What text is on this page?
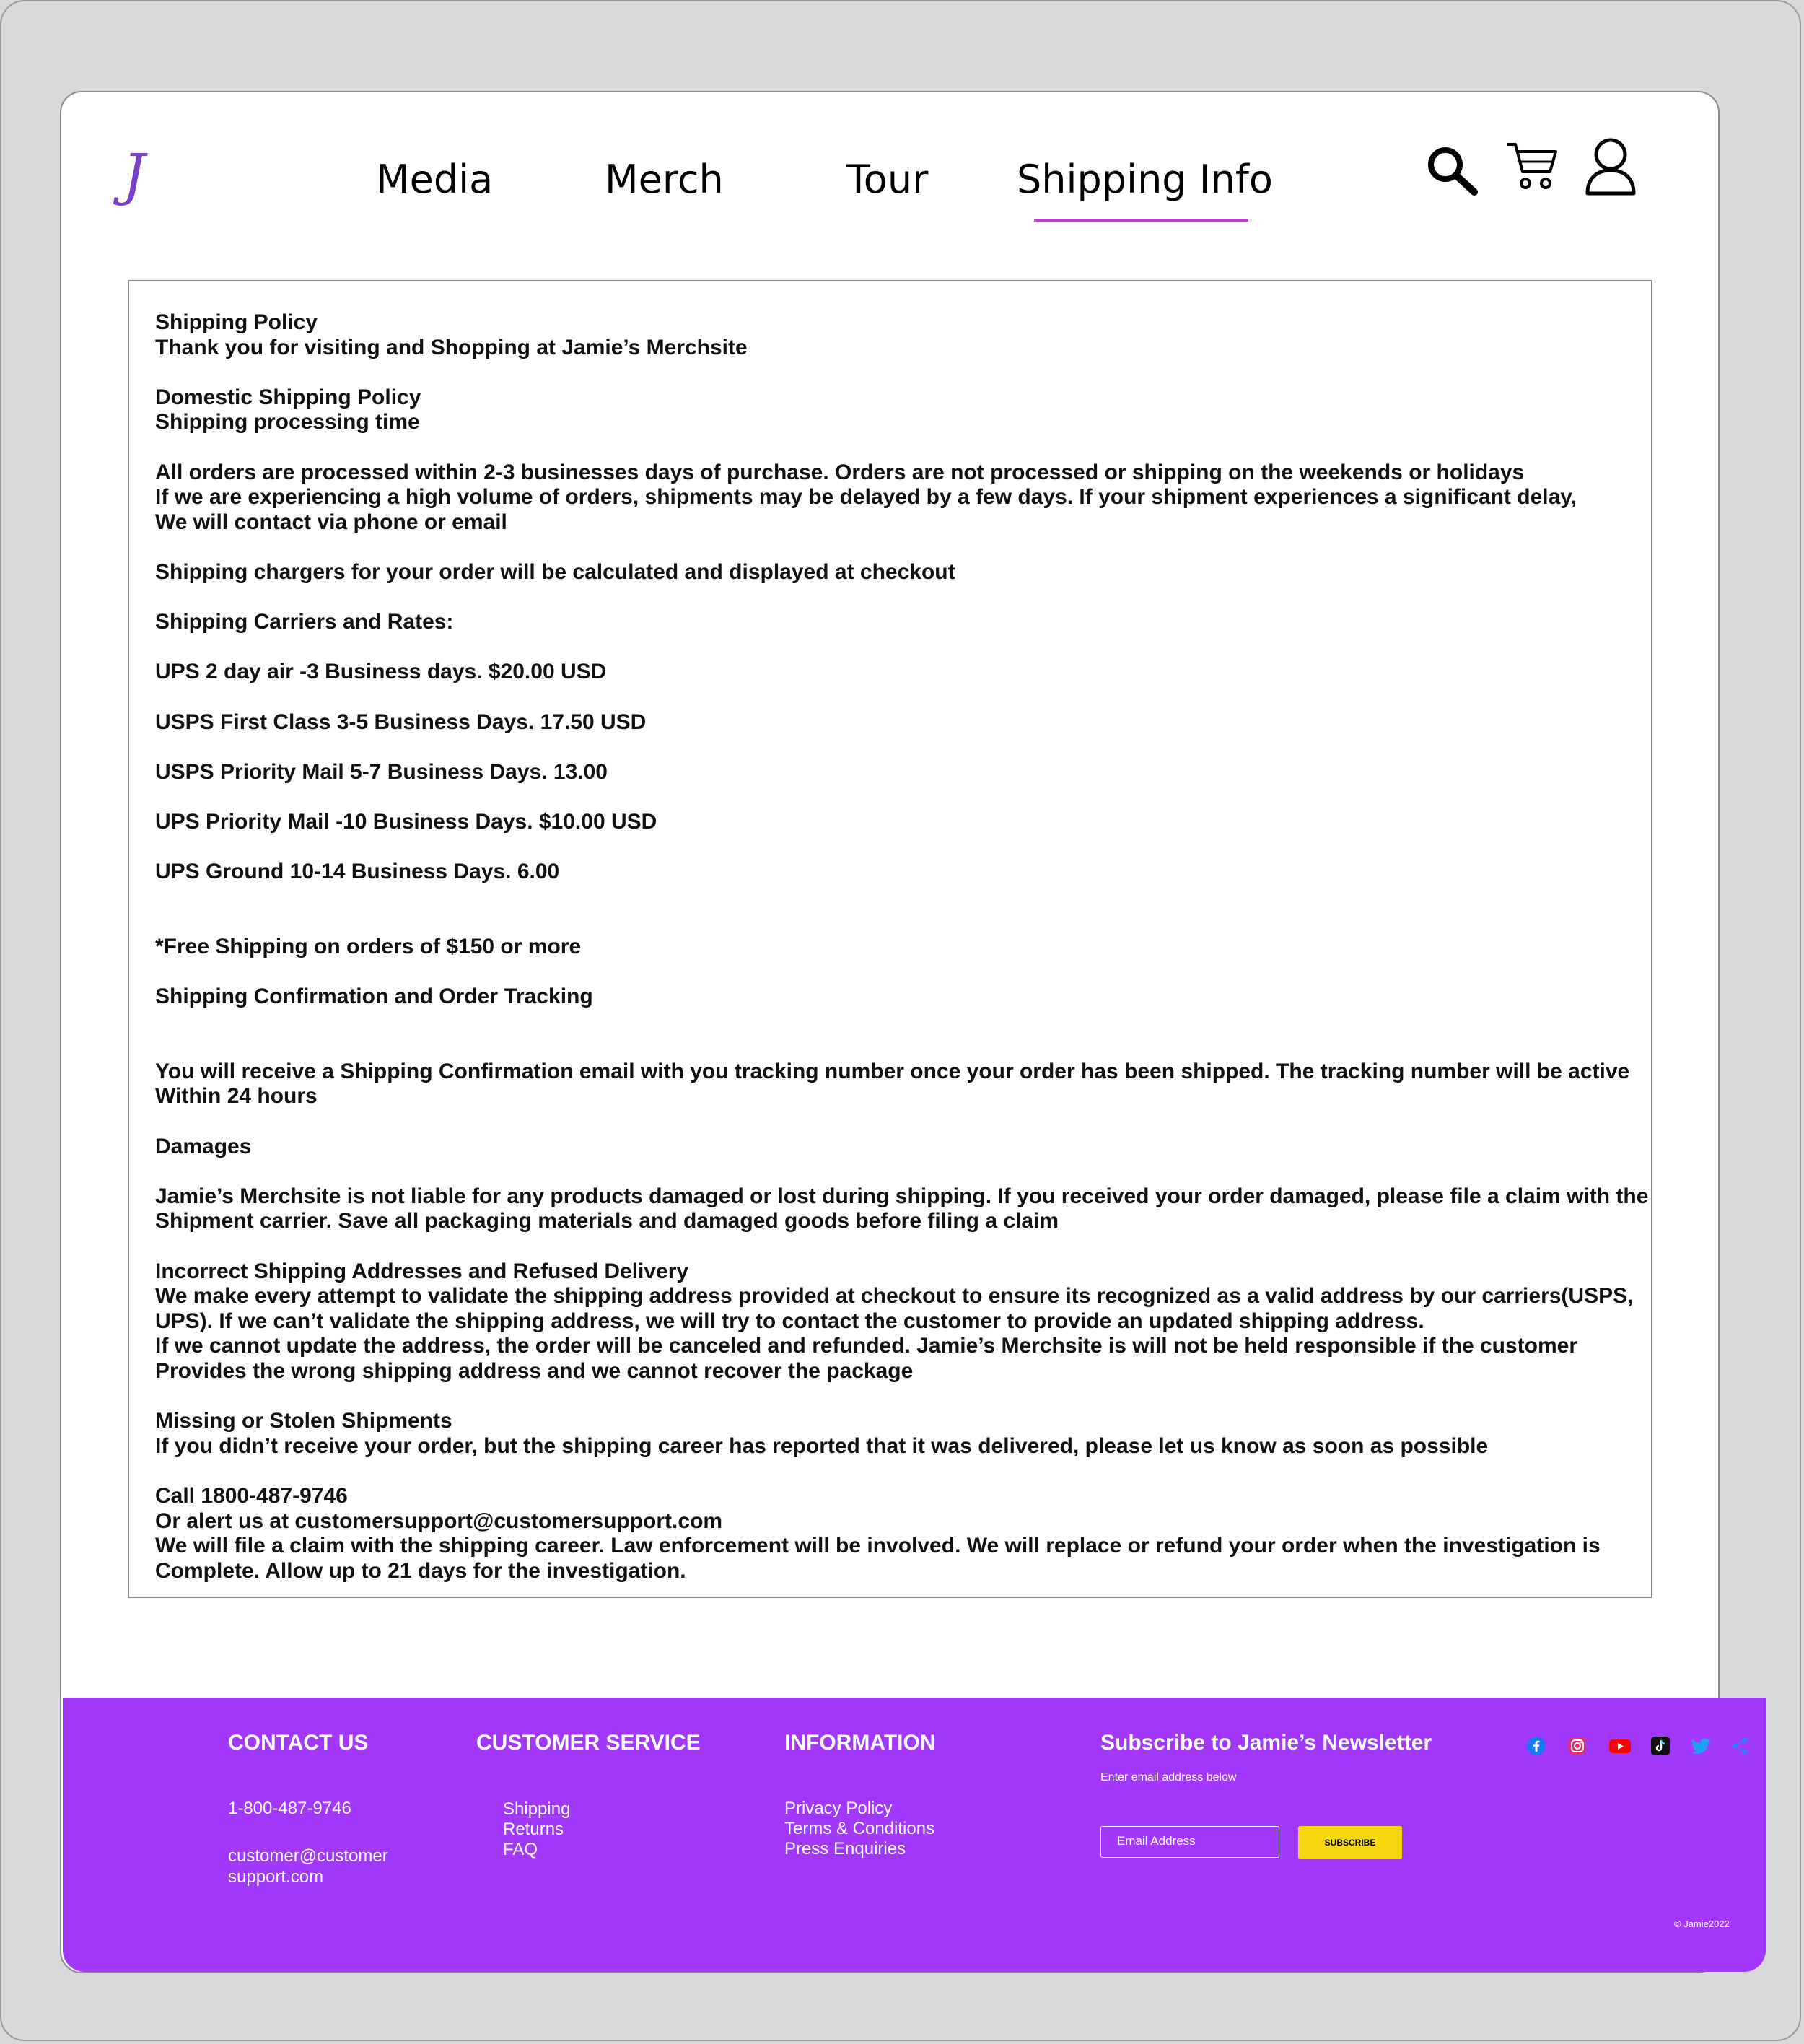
J	Media	Merch	Tour Shipping Info
Shipping Policy
Thank you for visiting and Shopping at Jamie’s Merchsite

Domestic Shipping Policy
Shipping processing time

All orders are processed within 2-3 businesses days of purchase. Orders are not processed or shipping on the weekends or holidays
If we are experiencing a high volume of orders, shipments may be delayed by a few days. If your shipment experiences a significant delay,
We will contact via phone or email

Shipping chargers for your order will be calculated and displayed at checkout

Shipping Carriers and Rates:

UPS 2 day air -3 Business days. $20.00 USD

USPS First Class 3-5 Business Days. 17.50 USD

USPS Priority Mail 5-7 Business Days. 13.00

UPS Priority Mail -10 Business Days. $10.00 USD

UPS Ground 10-14 Business Days. 6.00

*Free Shipping on orders of $150 or more

Shipping Confirmation and Order Tracking

You will receive a Shipping Confirmation email with you tracking number once your order has been shipped. The tracking number will be active
Within 24 hours

Damages

Jamie’s Merchsite is not liable for any products damaged or lost during shipping. If you received your order damaged, please file a claim with the
Shipment carrier. Save all packaging materials and damaged goods before filing a claim

Incorrect Shipping Addresses and Refused Delivery
We make every attempt to validate the shipping address provided at checkout to ensure its recognized as a valid address by our carriers(USPS,
UPS). If we can’t validate the shipping address, we will try to contact the customer to provide an updated shipping address.
If we cannot update the address, the order will be canceled and refunded. Jamie’s Merchsite is will not be held responsible if the customer
Provides the wrong shipping address and we cannot recover the package

Missing or Stolen Shipments
If you didn’t receive your order, but the shipping career has reported that it was delivered, please let us know as soon as possible

Call 1800-487-9746
Or alert us at customersupport@customersupport.com
We will file a claim with the shipping career. Law enforcement will be involved. We will replace or refund your order when the investigation is
Complete. Allow up to 21 days for the investigation.
CONTACT US
1-800-487-9746
customer@customer
support.com
CUSTOMER SERVICE
Shipping
Returns
FAQ
INFORMATION
Privacy Policy
Terms & Conditions
Press Enquiries
Subscribe to Jamie’s Newsletter
Enter email address below
Email Address	SUBSCRIBE
© Jamie2022
